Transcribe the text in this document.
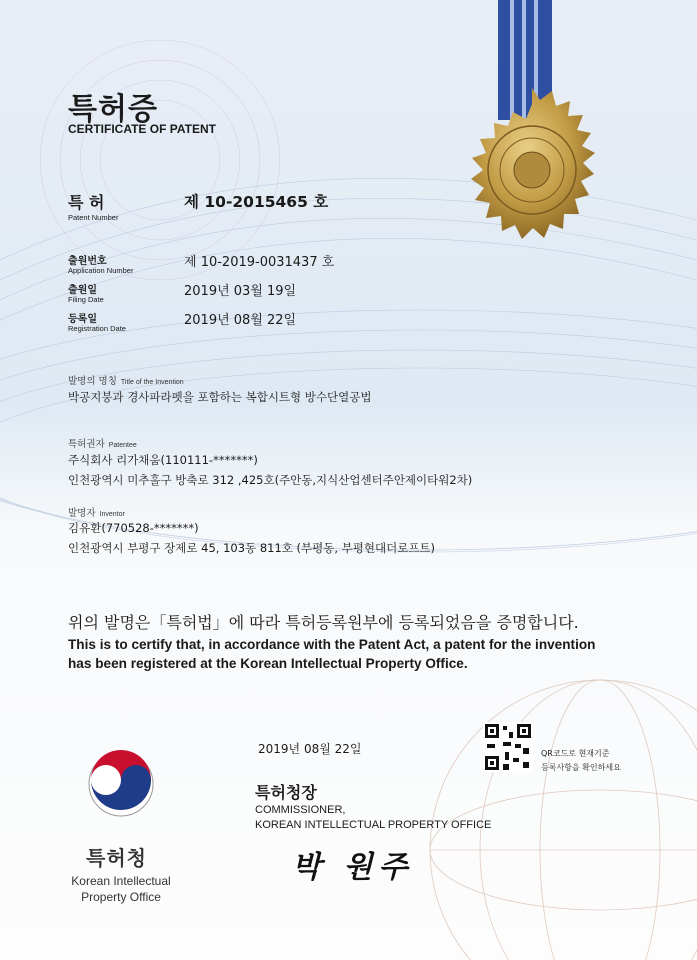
특허증
CERTIFICATE OF PATENT
특 허
Patent Number
제 10-2015465 호
출원번호
Application Number
제 10-2019-0031437 호
출원일
Filing Date
2019년 03월 19일
등록일
Registration Date
2019년 08월 22일
발명의 명칭 Title of the Invention
박공지붕과 경사파라펫을 포함하는 복합시트형 방수단열공법
특허권자 Patentee
주식회사 리가채움(110111-*******)
인천광역시 미추홀구 방축로 312 ,425호(주안동,지식산업센터주안제이타워2차)
발명자 Inventor
김유환(770528-*******)
인천광역시 부평구 장제로 45, 103동 811호 (부평동, 부평현대더로프트)
위의 발명은「특허법」에 따라 특허등록원부에 등록되었음을 증명합니다.
This is to certify that, in accordance with the Patent Act, a patent for the invention
has been registered at the Korean Intellectual Property Office.
2019년 08월 22일	QR코드로 현재기준
등록사항을 확인하세요
특허청장
COMMISSIONER,
KOREAN INTELLECTUAL PROPERTY OFFICE
박 원주
특허청
Korean Intellectual
Property Office
